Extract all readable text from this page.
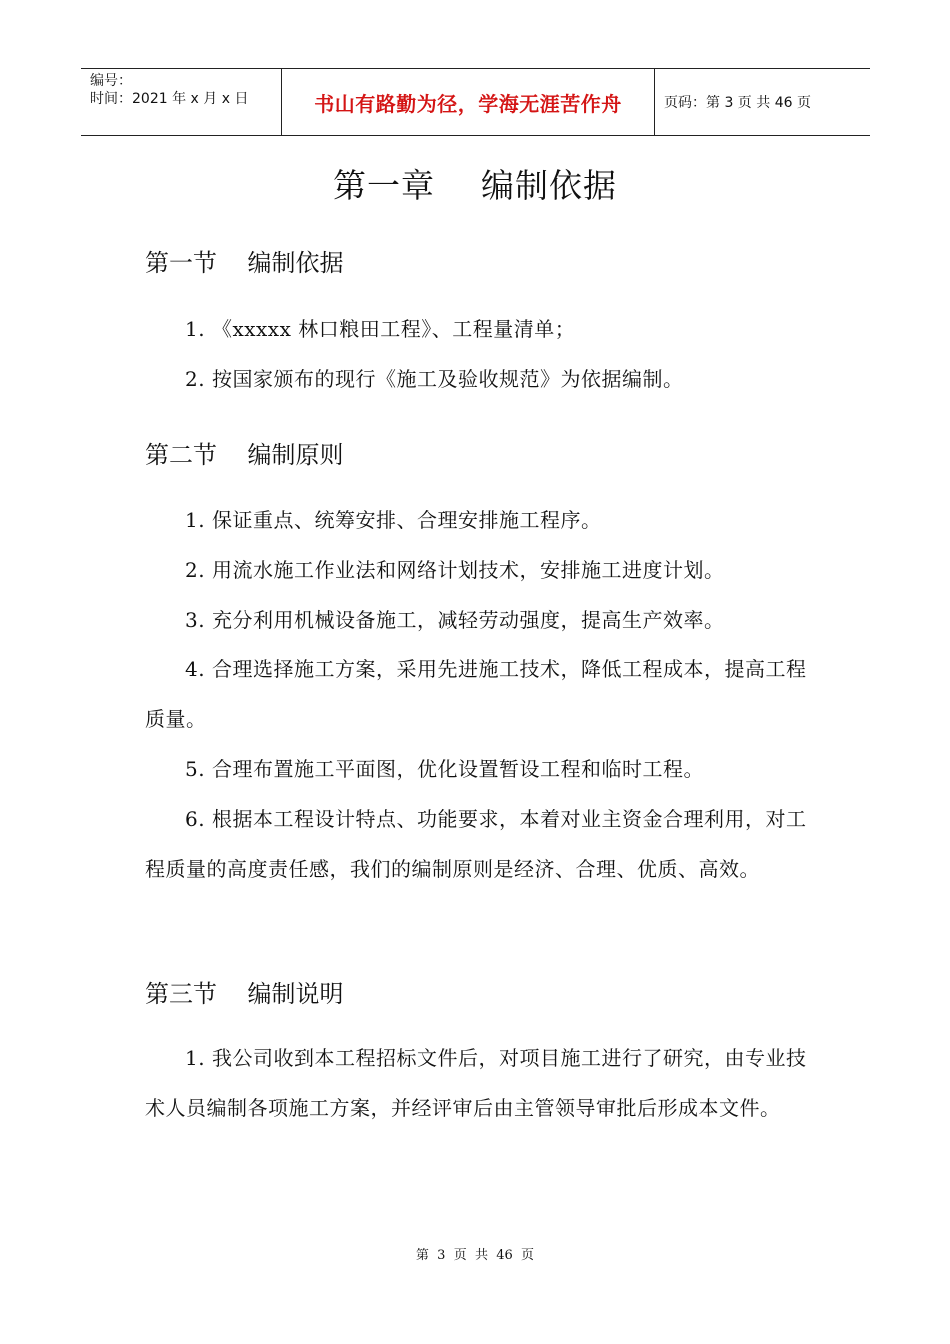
编号：
时间：2021 年 x 月 x 日	书山有路勤为径，学海无涯苦作舟	页码：第 3 页 共 46 页
第一章    编制依据
第一节    编制依据

1. 《xxxxx 林口粮田工程》、工程量清单；

2. 按国家颁布的现行《施工及验收规范》为依据编制。

第二节    编制原则

1. 保证重点、统筹安排、合理安排施工程序。

2. 用流水施工作业法和网络计划技术，安排施工进度计划。

3. 充分利用机械设备施工，减轻劳动强度，提高生产效率。

4. 合理选择施工方案，采用先进施工技术，降低工程成本，提高工程质量。

5. 合理布置施工平面图，优化设置暂设工程和临时工程。

6. 根据本工程设计特点、功能要求，本着对业主资金合理利用，对工程质量的高度责任感，我们的编制原则是经济、合理、优质、高效。

第三节    编制说明

1. 我公司收到本工程招标文件后，对项目施工进行了研究，由专业技术人员编制各项施工方案，并经评审后由主管领导审批后形成本文件。

第  3  页  共  46  页
